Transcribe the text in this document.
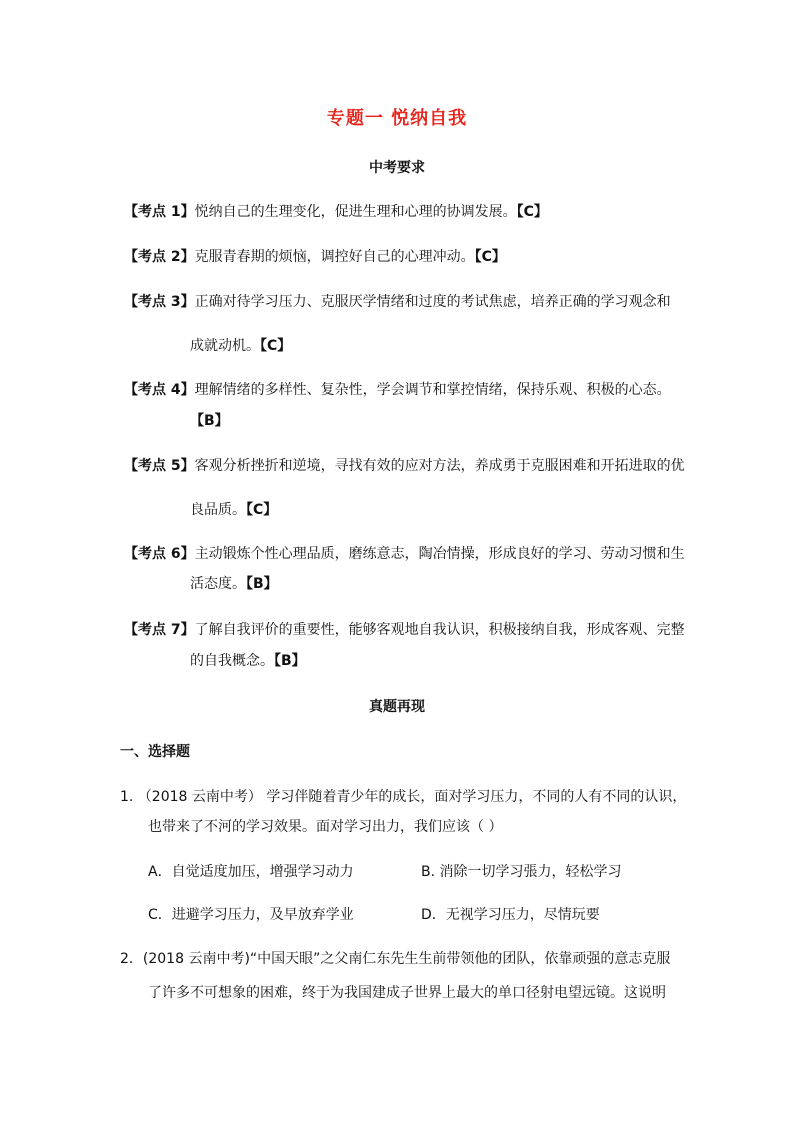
专题一 悦纳自我
中考要求
【考点 1】悦纳自己的生理变化，促进生理和心理的协调发展。【C】
【考点 2】克服青春期的烦恼，调控好自己的心理冲动。【C】
【考点 3】正确对待学习压力、克服厌学情绪和过度的考试焦虑，培养正确的学习观念和
成就动机。【C】
【考点 4】理解情绪的多样性、复杂性，学会调节和掌控情绪，保持乐观、积极的心态。
【B】
【考点 5】客观分析挫折和逆境，寻找有效的应对方法，养成勇于克服困难和开拓进取的优
良品质。【C】
【考点 6】主动锻炼个性心理品质，磨练意志，陶冶情操，形成良好的学习、劳动习惯和生
活态度。【B】
【考点 7】了解自我评价的重要性，能够客观地自我认识，积极接纳自我，形成客观、完整
的自我概念。【B】
真题再现
一、选择题
1. （2018 云南中考） 学习伴随着青少年的成长，面对学习压力，不同的人有不同的认识，
也带来了不河的学习效果。面对学习出力，我们应该（ ）
A．自觉适度加压，增强学习动力	B. 消除一切学习張力，轻松学习
C．进避学习压力，及早放弃学业	D．无视学习压力，尽情玩要
2．(2018 云南中考)“中国天眼”之父南仁东先生生前带领他的团队，依靠顽强的意志克服
了许多不可想象的困难，终于为我国建成子世界上最大的单口径射电望远镜。这说明
